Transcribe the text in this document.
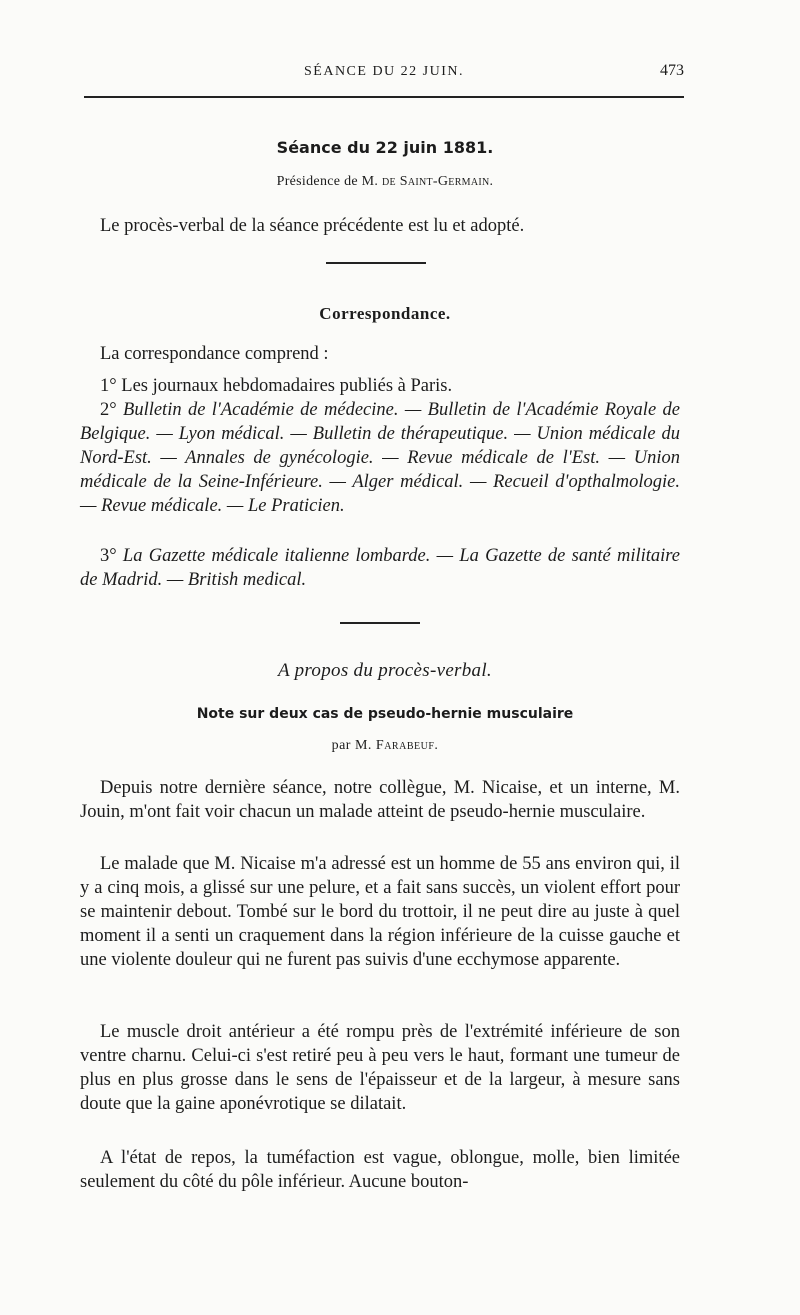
SÉANCE DU 22 JUIN.	473
Séance du 22 juin 1881.
Présidence de M. de Saint-Germain.
Le procès-verbal de la séance précédente est lu et adopté.
Correspondance.
La correspondance comprend :
1° Les journaux hebdomadaires publiés à Paris.
2° Bulletin de l'Académie de médecine. — Bulletin de l'Académie Royale de Belgique. — Lyon médical. — Bulletin de thérapeutique. — Union médicale du Nord-Est. — Annales de gynécologie. — Revue médicale de l'Est. — Union médicale de la Seine-Inférieure. — Alger médical. — Recueil d'opthalmologie. — Revue médicale. — Le Praticien.
3° La Gazette médicale italienne lombarde. — La Gazette de santé militaire de Madrid. — British medical.
A propos du procès-verbal.
Note sur deux cas de pseudo-hernie musculaire
par M. Farabeuf.
Depuis notre dernière séance, notre collègue, M. Nicaise, et un interne, M. Jouin, m'ont fait voir chacun un malade atteint de pseudo-hernie musculaire.
Le malade que M. Nicaise m'a adressé est un homme de 55 ans environ qui, il y a cinq mois, a glissé sur une pelure, et a fait sans succès, un violent effort pour se maintenir debout. Tombé sur le bord du trottoir, il ne peut dire au juste à quel moment il a senti un craquement dans la région inférieure de la cuisse gauche et une violente douleur qui ne furent pas suivis d'une ecchymose apparente.
Le muscle droit antérieur a été rompu près de l'extrémité inférieure de son ventre charnu. Celui-ci s'est retiré peu à peu vers le haut, formant une tumeur de plus en plus grosse dans le sens de l'épaisseur et de la largeur, à mesure sans doute que la gaine aponévrotique se dilatait.
A l'état de repos, la tuméfaction est vague, oblongue, molle, bien limitée seulement du côté du pôle inférieur. Aucune bouton-
